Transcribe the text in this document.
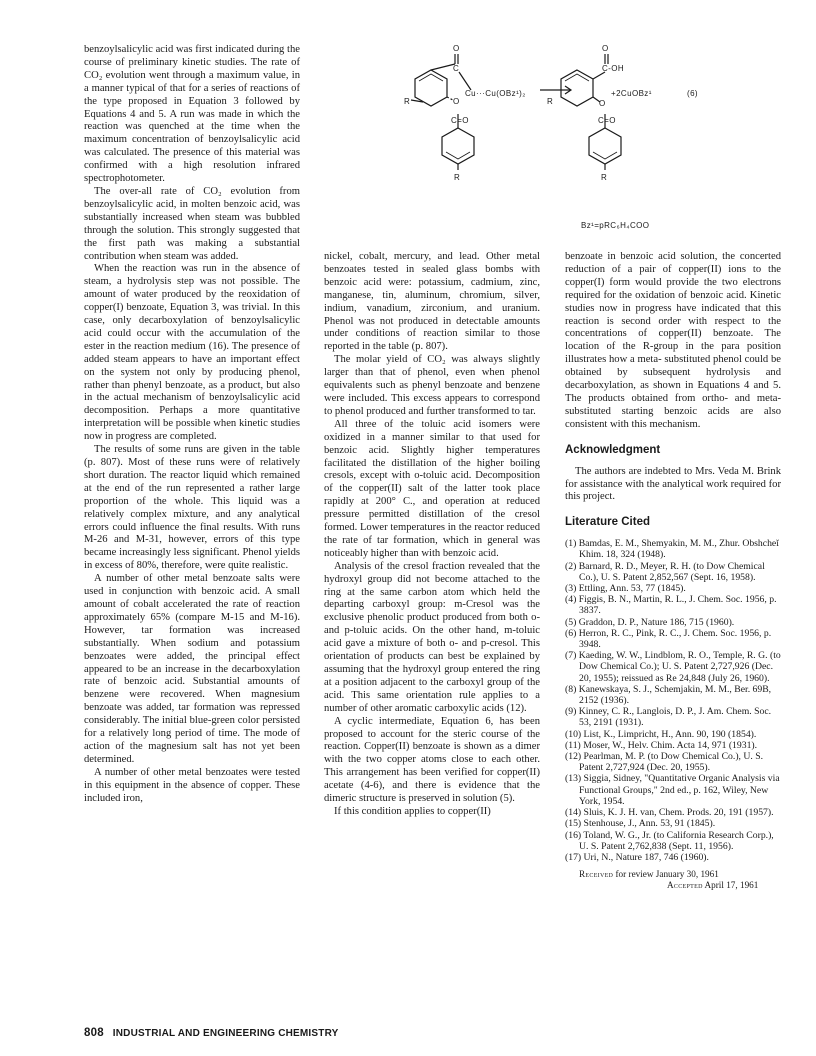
O
C
R	O
Cu···Cu(OBz¹)₂
C=O
R
O
C-OH
R	O
C=O
R
+2CuOBz¹	(6)
Bz¹=pRC₆H₄COO

benzoylsalicylic acid was first indicated during the course of preliminary kinetic studies. The rate of CO₂ evolution went through a maximum value, in a manner typical of that for a series of reactions of the type proposed in Equation 3 followed by Equations 4 and 5. A run was made in which the reaction was quenched at the time when the maximum concentration of benzoylsalicylic acid was calculated. The presence of this material was confirmed with a high resolution infrared spectrophotometer.

The over-all rate of CO₂ evolution from benzoylsalicylic acid, in molten benzoic acid, was substantially increased when steam was bubbled through the solution. This strongly suggested that the first path was making a substantial contribution when steam was added.

When the reaction was run in the absence of steam, a hydrolysis step was not possible. The amount of water produced by the reoxidation of copper(I) benzoate, Equation 3, was trivial. In this case, only decarboxylation of benzoylsalicylic acid could occur with the accumulation of the ester in the reaction medium (16). The presence of added steam appears to have an important effect on the system not only by producing phenol, rather than phenyl benzoate, as a product, but also in the actual mechanism of benzoylsalicylic acid decomposition. Perhaps a more quantitative interpretation will be possible when kinetic studies now in progress are completed.

The results of some runs are given in the table (p. 807). Most of these runs were of relatively short duration. The reactor liquid which remained at the end of the run represented a rather large proportion of the whole. This liquid was a relatively complex mixture, and any analytical errors could influence the final results. With runs M-26 and M-31, however, errors of this type became increasingly less significant. Phenol yields in excess of 80%, therefore, were quite realistic.

A number of other metal benzoate salts were used in conjunction with benzoic acid. A small amount of cobalt accelerated the rate of reaction approximately 65% (compare M-15 and M-16). However, tar formation was increased substantially. When sodium and potassium benzoates were added, the principal effect appeared to be an increase in the decarboxylation rate of benzoic acid. Substantial amounts of benzene were recovered. When magnesium benzoate was added, tar formation was repressed considerably. The initial blue-green color persisted for a relatively long period of time. The mode of action of the magnesium salt has not yet been determined.

A number of other metal benzoates were tested in this equipment in the absence of copper. These included iron,

nickel, cobalt, mercury, and lead. Other metal benzoates tested in sealed glass bombs with benzoic acid were: potassium, cadmium, zinc, manganese, tin, aluminum, chromium, silver, indium, vanadium, zirconium, and uranium. Phenol was not produced in detectable amounts under conditions of reaction similar to those reported in the table (p. 807).

The molar yield of CO₂ was always slightly larger than that of phenol, even when phenol equivalents such as phenyl benzoate and benzene were included. This excess appears to correspond to phenol produced and further transformed to tar.

All three of the toluic acid isomers were oxidized in a manner similar to that used for benzoic acid. Slightly higher temperatures facilitated the distillation of the higher boiling cresols, except with o-toluic acid. Decomposition of the copper(II) salt of the latter took place rapidly at 200° C., and operation at reduced pressure permitted distillation of the cresol formed. Lower temperatures in the reactor reduced the rate of tar formation, which in general was noticeably higher than with benzoic acid.

Analysis of the cresol fraction revealed that the hydroxyl group did not become attached to the ring at the same carbon atom which held the departing carboxyl group: m-Cresol was the exclusive phenolic product produced from both o- and p-toluic acids. On the other hand, m-toluic acid gave a mixture of both o- and p-cresol. This orientation of products can best be explained by assuming that the hydroxyl group entered the ring at a position adjacent to the carboxyl group of the acid. This same orientation rule applies to a number of other aromatic carboxylic acids (12).

A cyclic intermediate, Equation 6, has been proposed to account for the steric course of the reaction. Copper(II) benzoate is shown as a dimer with the two copper atoms close to each other. This arrangement has been verified for copper(II) acetate (4-6), and there is evidence that the dimeric structure is preserved in solution (5).

If this condition applies to copper(II)

benzoate in benzoic acid solution, the concerted reduction of a pair of copper(II) ions to the copper(I) form would provide the two electrons required for the oxidation of benzoic acid. Kinetic studies now in progress have indicated that this reaction is second order with respect to the concentrations of copper(II) benzoate. The location of the R-group in the para position illustrates how a meta- substituted phenol could be obtained by subsequent hydrolysis and decarboxylation, as shown in Equations 4 and 5. The products obtained from ortho- and meta-substituted starting benzoic acids are also consistent with this mechanism.

Acknowledgment

The authors are indebted to Mrs. Veda M. Brink for assistance with the analytical work required for this project.

Literature Cited
(1) Bamdas, E. M., Shemyakin, M. M., Zhur. Obshcheĭ Khim. 18, 324 (1948).
(2) Barnard, R. D., Meyer, R. H. (to Dow Chemical Co.), U. S. Patent 2,852,567 (Sept. 16, 1958).
(3) Ettling, Ann. 53, 77 (1845).
(4) Figgis, B. N., Martin, R. L., J. Chem. Soc. 1956, p. 3837.
(5) Graddon, D. P., Nature 186, 715 (1960).
(6) Herron, R. C., Pink, R. C., J. Chem. Soc. 1956, p. 3948.
(7) Kaeding, W. W., Lindblom, R. O., Temple, R. G. (to Dow Chemical Co.); U. S. Patent 2,727,926 (Dec. 20, 1955); reissued as Re 24,848 (July 26, 1960).
(8) Kanewskaya, S. J., Schemjakin, M. M., Ber. 69B, 2152 (1936).
(9) Kinney, C. R., Langlois, D. P., J. Am. Chem. Soc. 53, 2191 (1931).
(10) List, K., Limpricht, H., Ann. 90, 190 (1854).
(11) Moser, W., Helv. Chim. Acta 14, 971 (1931).
(12) Pearlman, M. P. (to Dow Chemical Co.), U. S. Patent 2,727,924 (Dec. 20, 1955).
(13) Siggia, Sidney, "Quantitative Organic Analysis via Functional Groups," 2nd ed., p. 162, Wiley, New York, 1954.
(14) Sluis, K. J. H. van, Chem. Prods. 20, 191 (1957).
(15) Stenhouse, J., Ann. 53, 91 (1845).
(16) Toland, W. G., Jr. (to California Research Corp.), U. S. Patent 2,762,838 (Sept. 11, 1956).
(17) Uri, N., Nature 187, 746 (1960).
Received for review January 30, 1961
Accepted April 17, 1961
808 INDUSTRIAL AND ENGINEERING CHEMISTRY
